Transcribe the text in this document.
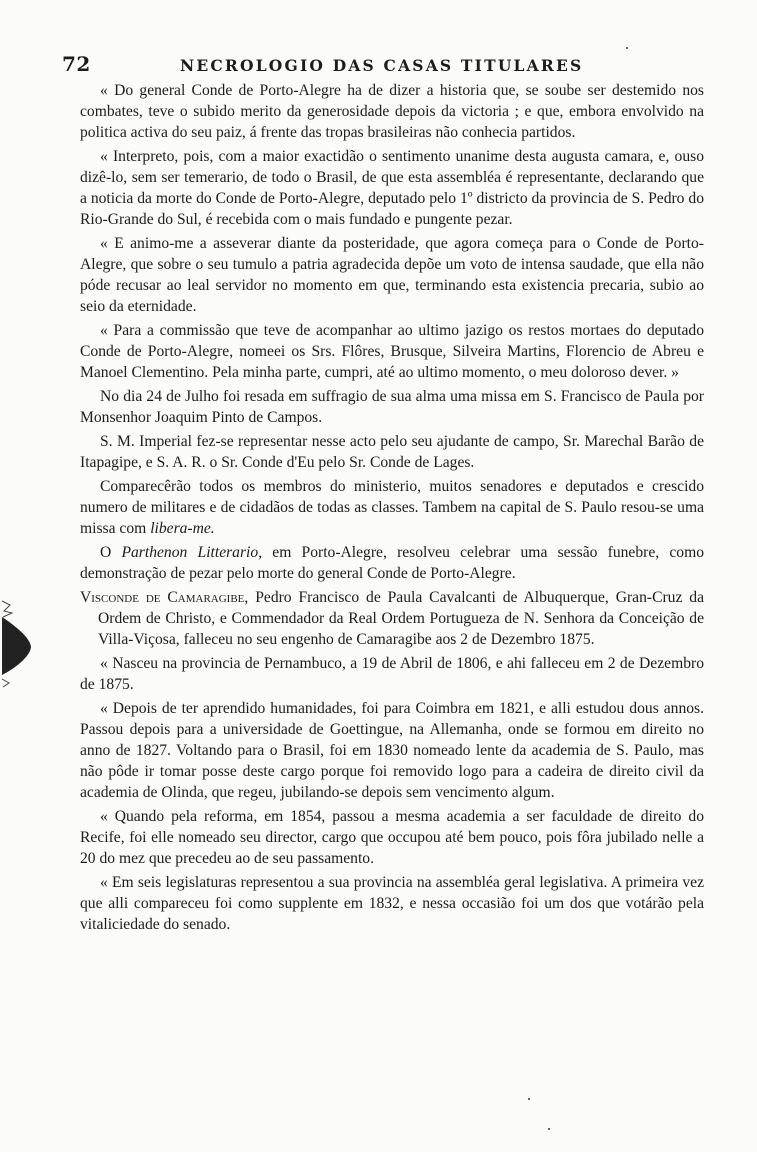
72	NECROLOGIO DAS CASAS TITULARES

« Do general Conde de Porto-Alegre ha de dizer a historia que, se soube ser destemido nos combates, teve o subido merito da generosidade depois da victoria ; e que, embora envolvido na politica activa do seu paiz, á frente das tropas brasileiras não conhecia partidos.

« Interpreto, pois, com a maior exactidão o sentimento unanime desta augusta camara, e, ouso dizê-lo, sem ser temerario, de todo o Brasil, de que esta assembléa é representante, declarando que a noticia da morte do Conde de Porto-Alegre, deputado pelo 1º districto da provincia de S. Pedro do Rio-Grande do Sul, é recebida com o mais fundado e pungente pezar.

« E animo-me a asseverar diante da posteridade, que agora começa para o Conde de Porto-Alegre, que sobre o seu tumulo a patria agradecida depõe um voto de intensa saudade, que ella não póde recusar ao leal servidor no momento em que, terminando esta existencia precaria, subio ao seio da eternidade.

« Para a commissão que teve de acompanhar ao ultimo jazigo os restos mortaes do deputado Conde de Porto-Alegre, nomeei os Srs. Flôres, Brusque, Silveira Martins, Florencio de Abreu e Manoel Clementino. Pela minha parte, cumpri, até ao ultimo momento, o meu doloroso dever. »

No dia 24 de Julho foi resada em suffragio de sua alma uma missa em S. Francisco de Paula por Monsenhor Joaquim Pinto de Campos.

S. M. Imperial fez-se representar nesse acto pelo seu ajudante de campo, Sr. Marechal Barão de Itapagipe, e S. A. R. o Sr. Conde d'Eu pelo Sr. Conde de Lages.

Comparecêrão todos os membros do ministerio, muitos senadores e deputados e crescido numero de militares e de cidadãos de todas as classes. Tambem na capital de S. Paulo resou-se uma missa com libera-me.

O Parthenon Litterario, em Porto-Alegre, resolveu celebrar uma sessão funebre, como demonstração de pezar pelo morte do general Conde de Porto-Alegre.

Visconde de Camaragibe, Pedro Francisco de Paula Cavalcanti de Albuquerque, Gran-Cruz da Ordem de Christo, e Commendador da Real Ordem Portugueza de N. Senhora da Conceição de Villa-Viçosa, falleceu no seu engenho de Camaragibe aos 2 de Dezembro 1875.

« Nasceu na provincia de Pernambuco, a 19 de Abril de 1806, e ahi falleceu em 2 de Dezembro de 1875.

« Depois de ter aprendido humanidades, foi para Coimbra em 1821, e alli estudou dous annos. Passou depois para a universidade de Goettingue, na Allemanha, onde se formou em direito no anno de 1827. Voltando para o Brasil, foi em 1830 nomeado lente da academia de S. Paulo, mas não pôde ir tomar posse deste cargo porque foi removido logo para a cadeira de direito civil da academia de Olinda, que regeu, jubilando-se depois sem vencimento algum.

« Quando pela reforma, em 1854, passou a mesma academia a ser faculdade de direito do Recife, foi elle nomeado seu director, cargo que occupou até bem pouco, pois fôra jubilado nelle a 20 do mez que precedeu ao de seu passamento.

« Em seis legislaturas representou a sua provincia na assembléa geral legislativa. A primeira vez que alli compareceu foi como supplente em 1832, e nessa occasião foi um dos que votárão pela vitaliciedade do senado.
